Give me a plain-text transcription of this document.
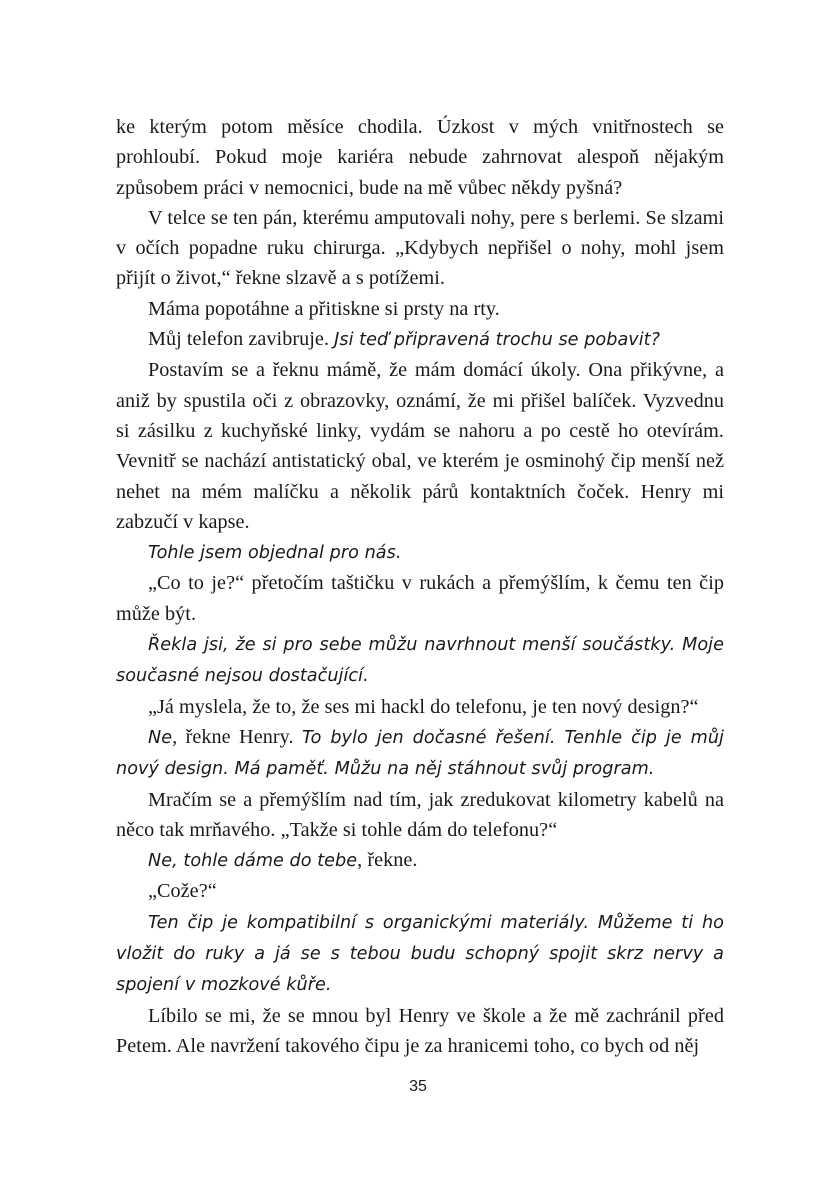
ke kterým potom měsíce chodila. Úzkost v mých vnitřnostech se prohloubí. Pokud moje kariéra nebude zahrnovat alespoň nějakým způsobem práci v nemocnici, bude na mě vůbec někdy pyšná?

V telce se ten pán, kterému amputovali nohy, pere s berlemi. Se slzami v očích popadne ruku chirurga. „Kdybych nepřišel o nohy, mohl jsem přijít o život,“ řekne slzavě a s potížemi.

Máma popotáhne a přitiskne si prsty na rty.

Můj telefon zavibruje. Jsi teď připravená trochu se pobavit?

Postavím se a řeknu mámě, že mám domácí úkoly. Ona přikývne, a aniž by spustila oči z obrazovky, oznámí, že mi přišel balíček. Vyzvednu si zásilku z kuchyňské linky, vydám se nahoru a po cestě ho otevírám. Vevnitř se nachází antistatický obal, ve kterém je osminohý čip menší než nehet na mém malíčku a několik párů kontaktních čoček. Henry mi zabzučí v kapse.

Tohle jsem objednal pro nás.

„Co to je?“ přetočím taštičku v rukách a přemýšlím, k čemu ten čip může být.

Řekla jsi, že si pro sebe můžu navrhnout menší součástky. Moje současné nejsou dostačující.

„Já myslela, že to, že ses mi hackl do telefonu, je ten nový design?“

Ne, řekne Henry. To bylo jen dočasné řešení. Tenhle čip je můj nový design. Má paměť. Můžu na něj stáhnout svůj program.

Mračím se a přemýšlím nad tím, jak zredukovat kilometry kabelů na něco tak mrňavého. „Takže si tohle dám do telefonu?“

Ne, tohle dáme do tebe, řekne.

„Cože?“

Ten čip je kompatibilní s organickými materiály. Můžeme ti ho vložit do ruky a já se s tebou budu schopný spojit skrz nervy a spojení v mozkové kůře.

Líbilo se mi, že se mnou byl Henry ve škole a že mě zachránil před Petem. Ale navržení takového čipu je za hranicemi toho, co bych od něj

35
